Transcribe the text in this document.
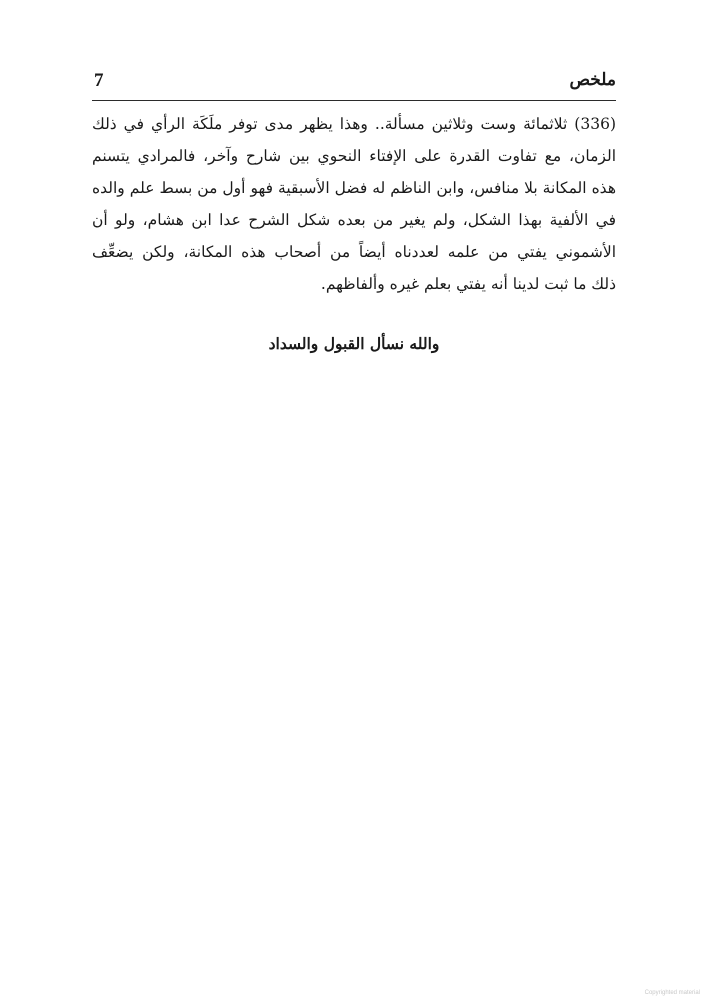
ملخص
7
(336) ثلاثمائة وست وثلاثين مسألة.. وهذا يظهر مدى توفر ملَكَة الرأي في ذلك
الزمان، مع تفاوت القدرة على الإفتاء النحوي بين شارح وآخر، فالمرادي يتسنم
هذه المكانة بلا منافس، وابن الناظم له فضل الأسبقية فهو أول من بسط علم والده
في الألفية بهذا الشكل، ولم يغير من بعده شكل الشرح عدا ابن هشام، ولو أن
الأشموني يفتي من علمه لعددناه أيضاً من أصحاب هذه المكانة، ولكن يضعِّف
ذلك ما ثبت لدينا أنه يفتي بعلم غيره وألفاظهم.
والله نسأل القبول والسداد
Copyrighted material
